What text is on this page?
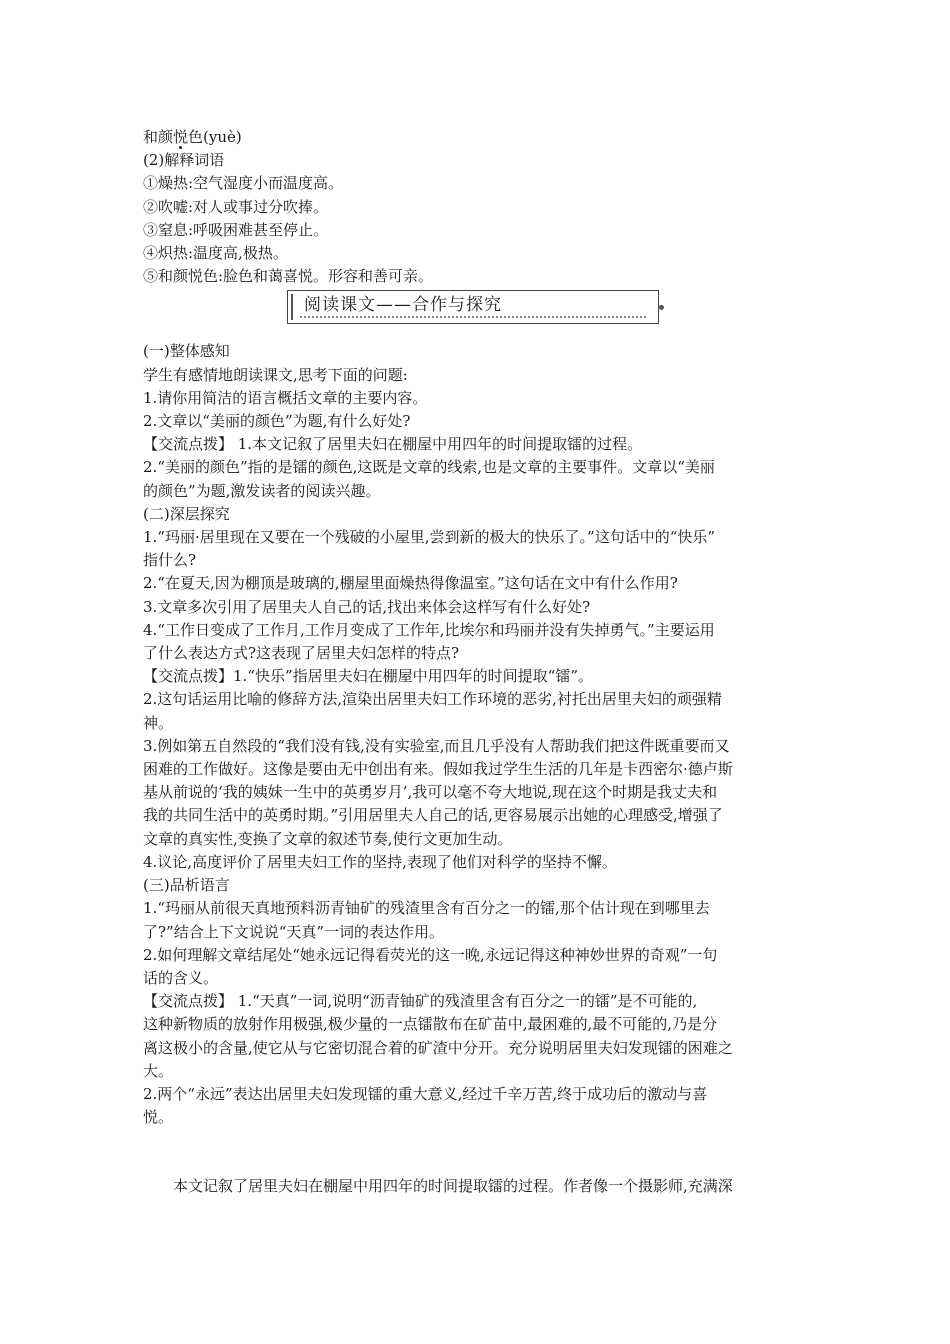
和颜悦色(yuè)
(2)解释词语
①燥热:空气湿度小而温度高。
②吹嘘:对人或事过分吹捧。
③窒息:呼吸困难甚至停止。
④炽热:温度高,极热。
⑤和颜悦色:脸色和蔼喜悦。形容和善可亲。
阅读课文——合作与探究
(一)整体感知
学生有感情地朗读课文,思考下面的问题:
1.请你用简洁的语言概括文章的主要内容。
2.文章以“美丽的颜色”为题,有什么好处?
【交流点拨】 1.本文记叙了居里夫妇在棚屋中用四年的时间提取镭的过程。
2.“美丽的颜色”指的是镭的颜色,这既是文章的线索,也是文章的主要事件。文章以“美丽
的颜色”为题,激发读者的阅读兴趣。
(二)深层探究
1.“玛丽·居里现在又要在一个残破的小屋里,尝到新的极大的快乐了。”这句话中的“快乐”
指什么?
2.“在夏天,因为棚顶是玻璃的,棚屋里面燥热得像温室。”这句话在文中有什么作用?
3.文章多次引用了居里夫人自己的话,找出来体会这样写有什么好处?
4.“工作日变成了工作月,工作月变成了工作年,比埃尔和玛丽并没有失掉勇气。”主要运用
了什么表达方式?这表现了居里夫妇怎样的特点?
【交流点拨】1.“快乐”指居里夫妇在棚屋中用四年的时间提取“镭”。
2.这句话运用比喻的修辞方法,渲染出居里夫妇工作环境的恶劣,衬托出居里夫妇的顽强精
神。
3.例如第五自然段的“我们没有钱,没有实验室,而且几乎没有人帮助我们把这件既重要而又
困难的工作做好。这像是要由无中创出有来。假如我过学生生活的几年是卡西密尔·德卢斯
基从前说的‘我的姨妹一生中的英勇岁月’,我可以毫不夸大地说,现在这个时期是我丈夫和
我的共同生活中的英勇时期。”引用居里夫人自己的话,更容易展示出她的心理感受,增强了
文章的真实性,变换了文章的叙述节奏,使行文更加生动。
4.议论,高度评价了居里夫妇工作的坚持,表现了他们对科学的坚持不懈。
(三)品析语言
1.“玛丽从前很天真地预料沥青铀矿的残渣里含有百分之一的镭,那个估计现在到哪里去
了?”结合上下文说说“天真”一词的表达作用。
2.如何理解文章结尾处“她永远记得看荧光的这一晚,永远记得这种神妙世界的奇观”一句
话的含义。
【交流点拨】 1.“天真”一词,说明“沥青铀矿的残渣里含有百分之一的镭”是不可能的,
这种新物质的放射作用极强,极少量的一点镭散布在矿苗中,最困难的,最不可能的,乃是分
离这极小的含量,使它从与它密切混合着的矿渣中分开。充分说明居里夫妇发现镭的困难之
大。
2.两个“永远”表达出居里夫妇发现镭的重大意义,经过千辛万苦,终于成功后的激动与喜
悦。
本文记叙了居里夫妇在棚屋中用四年的时间提取镭的过程。作者像一个摄影师,充满深
